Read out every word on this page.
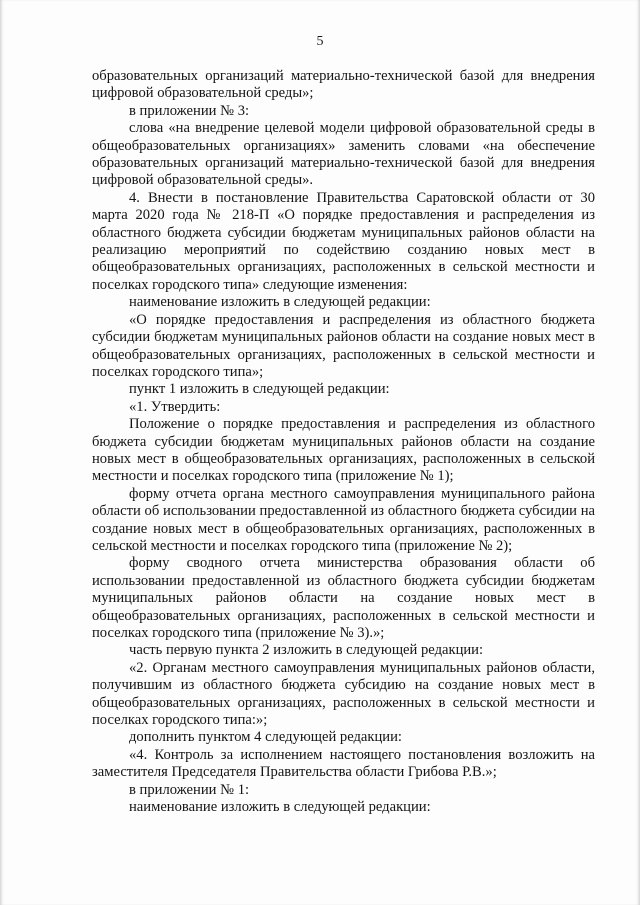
5

образовательных организаций материально-технической базой для внедрения цифровой образовательной среды»;

в приложении № 3:

слова «на внедрение целевой модели цифровой образовательной среды в общеобразовательных организациях» заменить словами «на обеспечение образовательных организаций материально-технической базой для внедрения цифровой образовательной среды».

4. Внести в постановление Правительства Саратовской области от 30 марта 2020 года № 218-П «О порядке предоставления и распределения из областного бюджета субсидии бюджетам муниципальных районов области на реализацию мероприятий по содействию созданию новых мест в общеобразовательных организациях, расположенных в сельской местности и поселках городского типа» следующие изменения:

наименование изложить в следующей редакции:

«О порядке предоставления и распределения из областного бюджета субсидии бюджетам муниципальных районов области на создание новых мест в общеобразовательных организациях, расположенных в сельской местности и поселках городского типа»;

пункт 1 изложить в следующей редакции:

«1. Утвердить:

Положение о порядке предоставления и распределения из областного бюджета субсидии бюджетам муниципальных районов области на создание новых мест в общеобразовательных организациях, расположенных в сельской местности и поселках городского типа (приложение № 1);

форму отчета органа местного самоуправления муниципального района области об использовании предоставленной из областного бюджета субсидии на создание новых мест в общеобразовательных организациях, расположенных в сельской местности и поселках городского типа (приложение № 2);

форму сводного отчета министерства образования области об использовании предоставленной из областного бюджета субсидии бюджетам муниципальных районов области на создание новых мест в общеобразовательных организациях, расположенных в сельской местности и поселках городского типа (приложение № 3).»;

часть первую пункта 2 изложить в следующей редакции:

«2. Органам местного самоуправления муниципальных районов области, получившим из областного бюджета субсидию на создание новых мест в общеобразовательных организациях, расположенных в сельской местности и поселках городского типа:»;

дополнить пунктом 4 следующей редакции:

«4. Контроль за исполнением настоящего постановления возложить на заместителя Председателя Правительства области Грибова Р.В.»;

в приложении № 1:

наименование изложить в следующей редакции:
